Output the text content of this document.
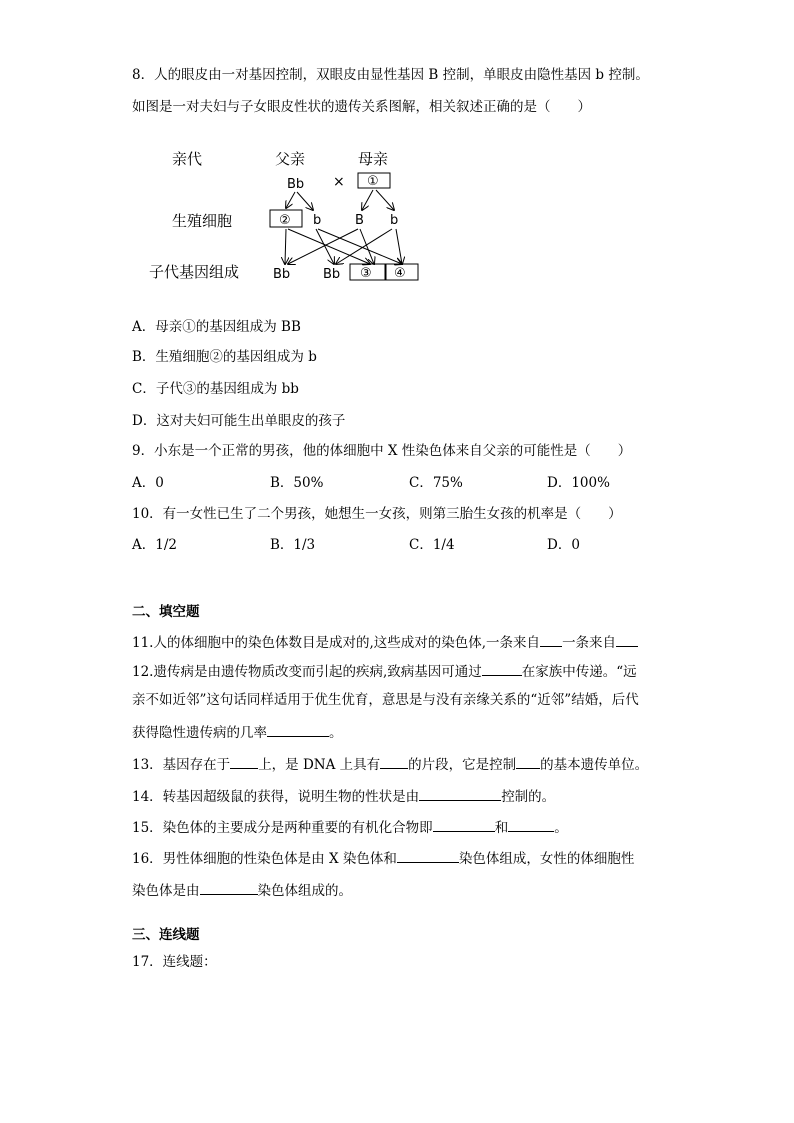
8．人的眼皮由一对基因控制，双眼皮由显性基因 B 控制，单眼皮由隐性基因 b 控制。
如图是一对夫妇与子女眼皮性状的遗传关系图解，相关叙述正确的是（　　）
亲代
生殖细胞
子代基因组成
父亲	母亲
Bb × ①
② b	B b
Bb	Bb ③ ④
A．母亲①的基因组成为 BB
B．生殖细胞②的基因组成为 b
C．子代③的基因组成为 bb
D．这对夫妇可能生出单眼皮的孩子
9．小东是一个正常的男孩，他的体细胞中 X 性染色体来自父亲的可能性是（　　）
A．0	B．50%	C．75%	D．100%
10．有一女性已生了二个男孩，她想生一女孩，则第三胎生女孩的机率是（　　）
A．1/2	B．1/3	C．1/4	D．0
二、填空题
11.人的体细胞中的染色体数目是成对的,这些成对的染色体,一条来自 一条来自
12.遗传病是由遗传物质改变而引起的疾病,致病基因可通过	在家族中传递。“远
亲不如近邻”这句话同样适用于优生优育，意思是与没有亲缘关系的“近邻”结婚，后代
获得隐性遗传病的几率	。
13．基因存在于 上，是 DNA 上具有 的片段，它是控制 的基本遗传单位。
14．转基因超级鼠的获得，说明生物的性状是由	控制的。
15．染色体的主要成分是两种重要的有机化合物即	和	。
16．男性体细胞的性染色体是由 X 染色体和	染色体组成，女性的体细胞性
染色体是由	染色体组成的。
三、连线题
17．连线题：
